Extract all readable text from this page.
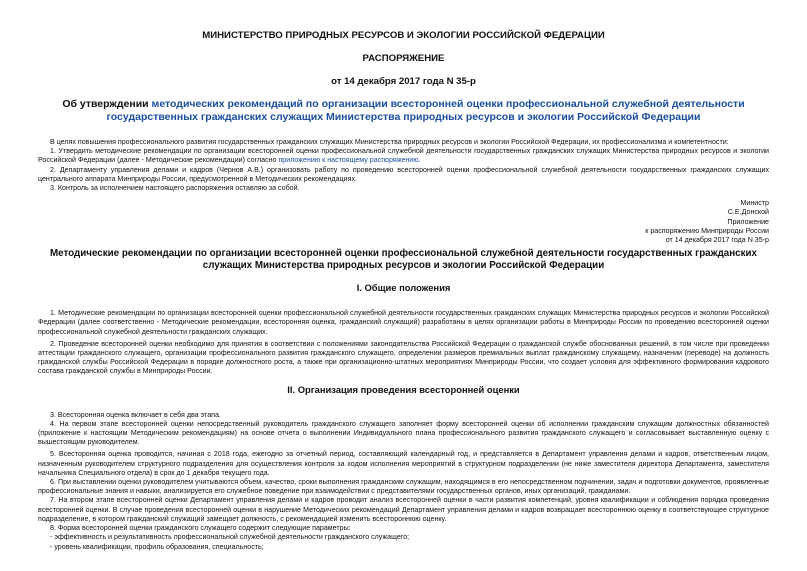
МИНИСТЕРСТВО ПРИРОДНЫХ РЕСУРСОВ И ЭКОЛОГИИ РОССИЙСКОЙ ФЕДЕРАЦИИ
РАСПОРЯЖЕНИЕ
от 14 декабря 2017 года N 35-р
Об утверждении методических рекомендаций по организации всесторонней оценки профессиональной служебной деятельности государственных гражданских служащих Министерства природных ресурсов и экологии Российской Федерации

В целях повышения профессионального развития государственных гражданских служащих Министерства природных ресурсов и экологии Российской Федерации, их профессионализма и компетентности:

1. Утвердить методические рекомендации по организации всесторонней оценки профессиональной служебной деятельности государственных гражданских служащих Министерства природных ресурсов и экологии Российской Федерации (далее - Методические рекомендации) согласно приложению к настоящему распоряжению.

2. Департаменту управления делами и кадров (Чернов А.В.) организовать работу по проведению всесторонней оценки профессиональной служебной деятельности государственных гражданских служащих центрального аппарата Минприроды России, предусмотренной в Методических рекомендациях.

3. Контроль за исполнением настоящего распоряжения оставляю за собой.

Министр
С.Е.Донской
Приложение
к распоряжению Минприроды России
от 14 декабря 2017 года N 35-р
Методические рекомендации по организации всесторонней оценки профессиональной служебной деятельности государственных гражданских служащих Министерства природных ресурсов и экологии Российской Федерации
I. Общие положения

1. Методические рекомендации по организации всесторонней оценки профессиональной служебной деятельности государственных гражданских служащих Министерства природных ресурсов и экологии Российской Федерации (далее соответственно - Методические рекомендации, всесторонняя оценка, гражданский служащий) разработаны в целях организации работы в Минприроды России по проведению всесторонней оценки профессиональной служебной деятельности гражданских служащих.

2. Проведение всесторонней оценки необходимо для принятия в соответствии с положениями законодательства Российской Федерации о гражданской службе обоснованных решений, в том числе при проведении аттестации гражданского служащего, организации профессионального развития гражданского служащего, определении размеров премиальных выплат гражданскому служащему, назначении (переводе) на должность гражданской службы Российской Федерации в порядке должностного роста, а также при организационно-штатных мероприятиях Минприроды России, что создает условия для эффективного формирования кадрового состава гражданской службы в Минприроды России.

II. Организация проведения всесторонней оценки

3. Всесторонняя оценка включает в себя два этапа.

4. На первом этапе всесторонней оценки непосредственный руководитель гражданского служащего заполняет форму всесторонней оценки об исполнении гражданским служащим должностных обязанностей (приложение к настоящим Методическим рекомендациям) на основе отчета о выполнении Индивидуального плана профессионального развития гражданского служащего и согласовывает выставленную оценку с вышестоящим руководителем.

5. Всесторонняя оценка проводится, начиная с 2018 года, ежегодно за отчетный период, составляющий календарный год, и представляется в Департамент управления делами и кадров, ответственным лицом, назначенным руководителем структурного подразделения для осуществления контроля за ходом исполнения мероприятий в структурном подразделении (не ниже заместителя директора Департамента, заместителя начальника Специального отдела) в срок до 1 декабря текущего года.

6. При выставлении оценки руководителем учитываются объем, качество, сроки выполнения гражданским служащим, находящимся в его непосредственном подчинении, задач и подготовки документов, проявленные профессиональные знания и навыки, анализируется его служебное поведение при взаимодействии с представителями государственных органов, иных организаций, гражданами.

7. На втором этапе всесторонней оценки Департамент управления делами и кадров проводит анализ всесторонней оценки в части развития компетенций, уровня квалификации и соблюдения порядка проведения всесторонней оценки. В случае проведения всесторонней оценки в нарушение Методических рекомендаций Департамент управления делами и кадров возвращает всестороннюю оценку в соответствующее структурное подразделение, в котором гражданский служащий замещает должность, с рекомендацией изменить всестороннюю оценку.

8. Форма всесторонней оценки гражданского служащего содержит следующие параметры:

- эффективность и результативность профессиональной служебной деятельности гражданского служащего;

- уровень квалификации, профиль образования, специальность;
